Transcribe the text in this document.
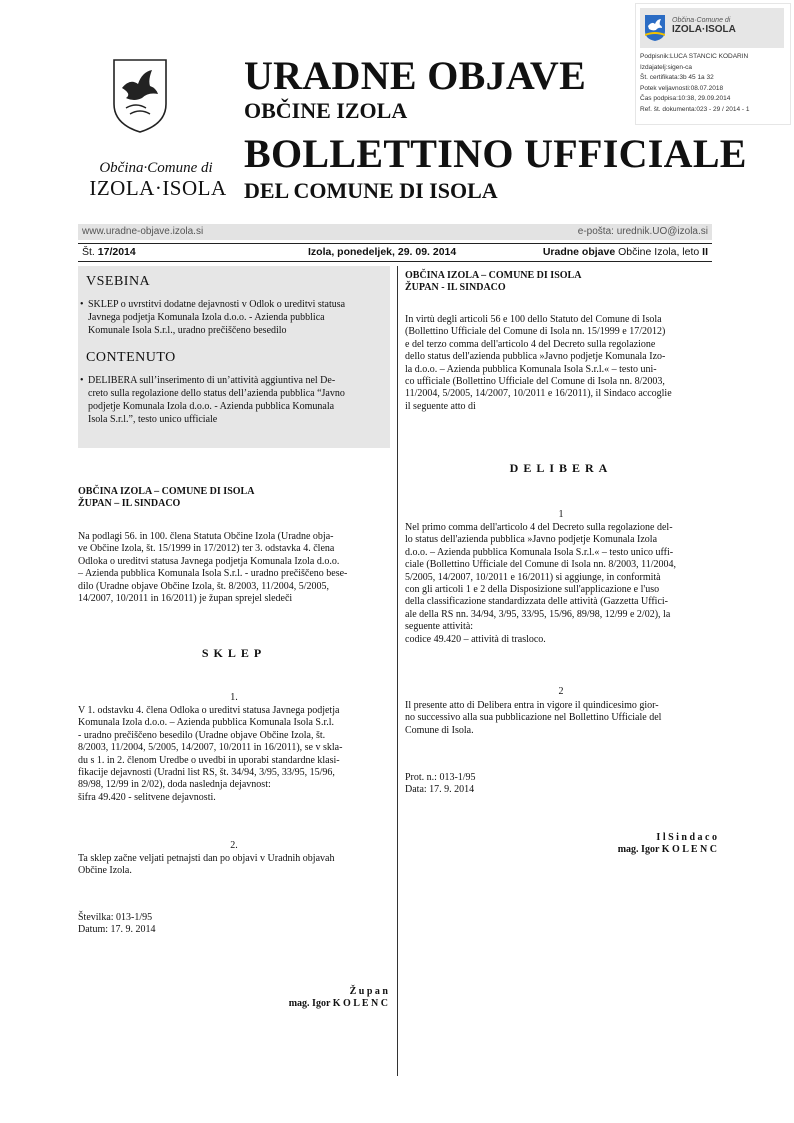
Občina·Comune di
IZOLA·ISOLA
URADNE OBJAVE
OBČINE IZOLA
BOLLETTINO UFFICIALE
DEL COMUNE DI ISOLA
Občina·Comune di
IZOLA·ISOLA
Podpisnik:LUCA STANCIC KODARIN
Izdajatelj:sigen-ca
Št. certifikata:3b 45 1a 32
Potek veljavnosti:08.07.2018
Čas podpisa:10:38, 29.09.2014
Ref. št. dokumenta:023 - 29 / 2014 - 1
www.uradne-objave.izola.si	e-pošta: urednik.UO@izola.si
Št. 17/2014	Izola, ponedeljek, 29. 09. 2014	Uradne objave Občine Izola, leto II
VSEBINA
• SKLEP o uvrstitvi dodatne dejavnosti v Odlok o ureditvi statusa
Javnega podjetja Komunala Izola d.o.o. - Azienda pubblica
Komunale Isola S.r.l., uradno prečiščeno besedilo
CONTENUTO
• DELIBERA sull’inserimento di un’attività aggiuntiva nel De-
creto sulla regolazione dello status dell’azienda pubblica “Javno
podjetje Komunala Izola d.o.o. - Azienda pubblica Komunala
Isola S.r.l.”, testo unico ufficiale
OBČINA IZOLA – COMUNE DI ISOLA
ŽUPAN – IL SINDACO
Na podlagi 56. in 100. člena Statuta Občine Izola (Uradne obja-
ve Občine Izola, št. 15/1999 in 17/2012) ter 3. odstavka 4. člena
Odloka o ureditvi statusa Javnega podjetja Komunala Izola d.o.o.
– Azienda pubblica Komunala Isola S.r.l. - uradno prečiščeno bese-
dilo (Uradne objave Občine Izola, št. 8/2003, 11/2004, 5/2005,
14/2007, 10/2011 in 16/2011) je župan sprejel sledeči
SKLEP
1.
V 1. odstavku 4. člena Odloka o ureditvi statusa Javnega podjetja
Komunala Izola d.o.o. – Azienda pubblica Komunala Isola S.r.l.
- uradno prečiščeno besedilo (Uradne objave Občine Izola, št.
8/2003, 11/2004, 5/2005, 14/2007, 10/2011 in 16/2011), se v skla-
du s 1. in 2. členom Uredbe o uvedbi in uporabi standardne klasi-
fikacije dejavnosti (Uradni list RS, št. 34/94, 3/95, 33/95, 15/96,
89/98, 12/99 in 2/02), doda naslednja dejavnost:
šifra 49.420 - selitvene dejavnosti.
2.
Ta sklep začne veljati petnajsti dan po objavi v Uradnih objavah
Občine Izola.
Številka: 013-1/95
Datum: 17. 9. 2014
Ž u p a n
mag. Igor K O L E N C
OBČINA IZOLA – COMUNE DI ISOLA
ŽUPAN - IL SINDACO
In virtù degli articoli 56 e 100 dello Statuto del Comune di Isola
(Bollettino Ufficiale del Comune di Isola nn. 15/1999 e 17/2012)
e del terzo comma dell'articolo 4 del Decreto sulla regolazione
dello status dell'azienda pubblica »Javno podjetje Komunala Izo-
la d.o.o. – Azienda pubblica Komunala Isola S.r.l.« – testo uni-
co ufficiale (Bollettino Ufficiale del Comune di Isola nn. 8/2003,
11/2004, 5/2005, 14/2007, 10/2011 e 16/2011), il Sindaco accoglie
il seguente atto di
DELIBERA
1
Nel primo comma dell'articolo 4 del Decreto sulla regolazione del-
lo status dell'azienda pubblica »Javno podjetje Komunala Izola
d.o.o. – Azienda pubblica Komunala Isola S.r.l.« – testo unico uffi-
ciale (Bollettino Ufficiale del Comune di Isola nn. 8/2003, 11/2004,
5/2005, 14/2007, 10/2011 e 16/2011) si aggiunge, in conformità
con gli articoli 1 e 2 della Disposizione sull'applicazione e l'uso
della classificazione standardizzata delle attività (Gazzetta Uffici-
ale della RS nn. 34/94, 3/95, 33/95, 15/96, 89/98, 12/99 e 2/02), la
seguente attività:
codice 49.420 – attività di trasloco.
2
Il presente atto di Delibera entra in vigore il quindicesimo gior-
no successivo alla sua pubblicazione nel Bollettino Ufficiale del
Comune di Isola.
Prot. n.: 013-1/95
Data: 17. 9. 2014
I l S i n d a c o
mag. Igor K O L E N C
